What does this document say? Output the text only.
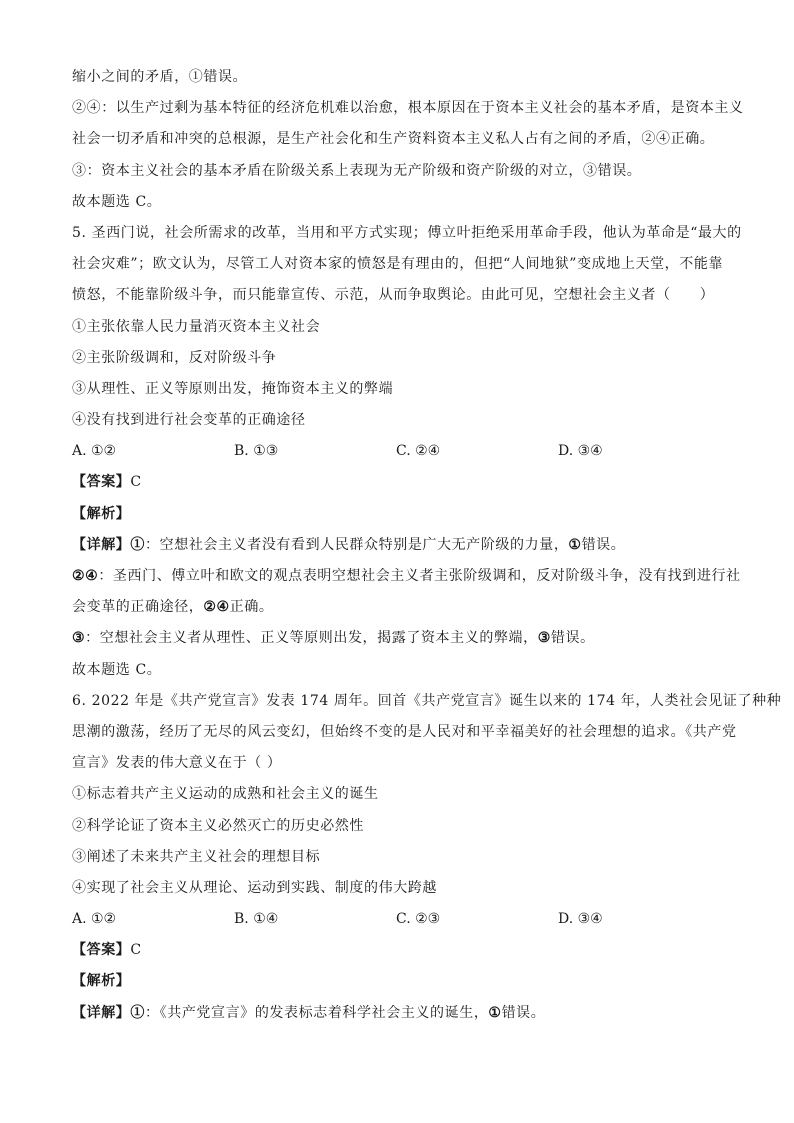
缩小之间的矛盾，①错误。
②④：以生产过剩为基本特征的经济危机难以治愈，根本原因在于资本主义社会的基本矛盾，是资本主义
社会一切矛盾和冲突的总根源，是生产社会化和生产资料资本主义私人占有之间的矛盾，②④正确。
③：资本主义社会的基本矛盾在阶级关系上表现为无产阶级和资产阶级的对立，③错误。
故本题选 C。
5. 圣西门说，社会所需求的改革，当用和平方式实现；傅立叶拒绝采用革命手段，他认为革命是“最大的
社会灾难”；欧文认为，尽管工人对资本家的愤怒是有理由的，但把“人间地狱”变成地上天堂，不能靠
愤怒，不能靠阶级斗争，而只能靠宣传、示范，从而争取舆论。由此可见，空想社会主义者（　　）
①主张依靠人民力量消灭资本主义社会
②主张阶级调和，反对阶级斗争
③从理性、正义等原则出发，掩饰资本主义的弊端
④没有找到进行社会变革的正确途径
A. ①②	B. ①③	C. ②④	D. ③④
【答案】C
【解析】
【详解】①：空想社会主义者没有看到人民群众特别是广大无产阶级的力量，①错误。
②④：圣西门、傅立叶和欧文的观点表明空想社会主义者主张阶级调和，反对阶级斗争，没有找到进行社
会变革的正确途径，②④正确。
③：空想社会主义者从理性、正义等原则出发，揭露了资本主义的弊端，③错误。
故本题选 C。
6. 2022 年是《共产党宣言》发表 174 周年。回首《共产党宣言》诞生以来的 174 年，人类社会见证了种种
思潮的激荡，经历了无尽的风云变幻，但始终不变的是人民对和平幸福美好的社会理想的追求。《共产党
宣言》发表的伟大意义在于（ ）
①标志着共产主义运动的成熟和社会主义的诞生
②科学论证了资本主义必然灭亡的历史必然性
③阐述了未来共产主义社会的理想目标
④实现了社会主义从理论、运动到实践、制度的伟大跨越
A. ①②	B. ①④	C. ②③	D. ③④
【答案】C
【解析】
【详解】①：《共产党宣言》的发表标志着科学社会主义的诞生，①错误。
